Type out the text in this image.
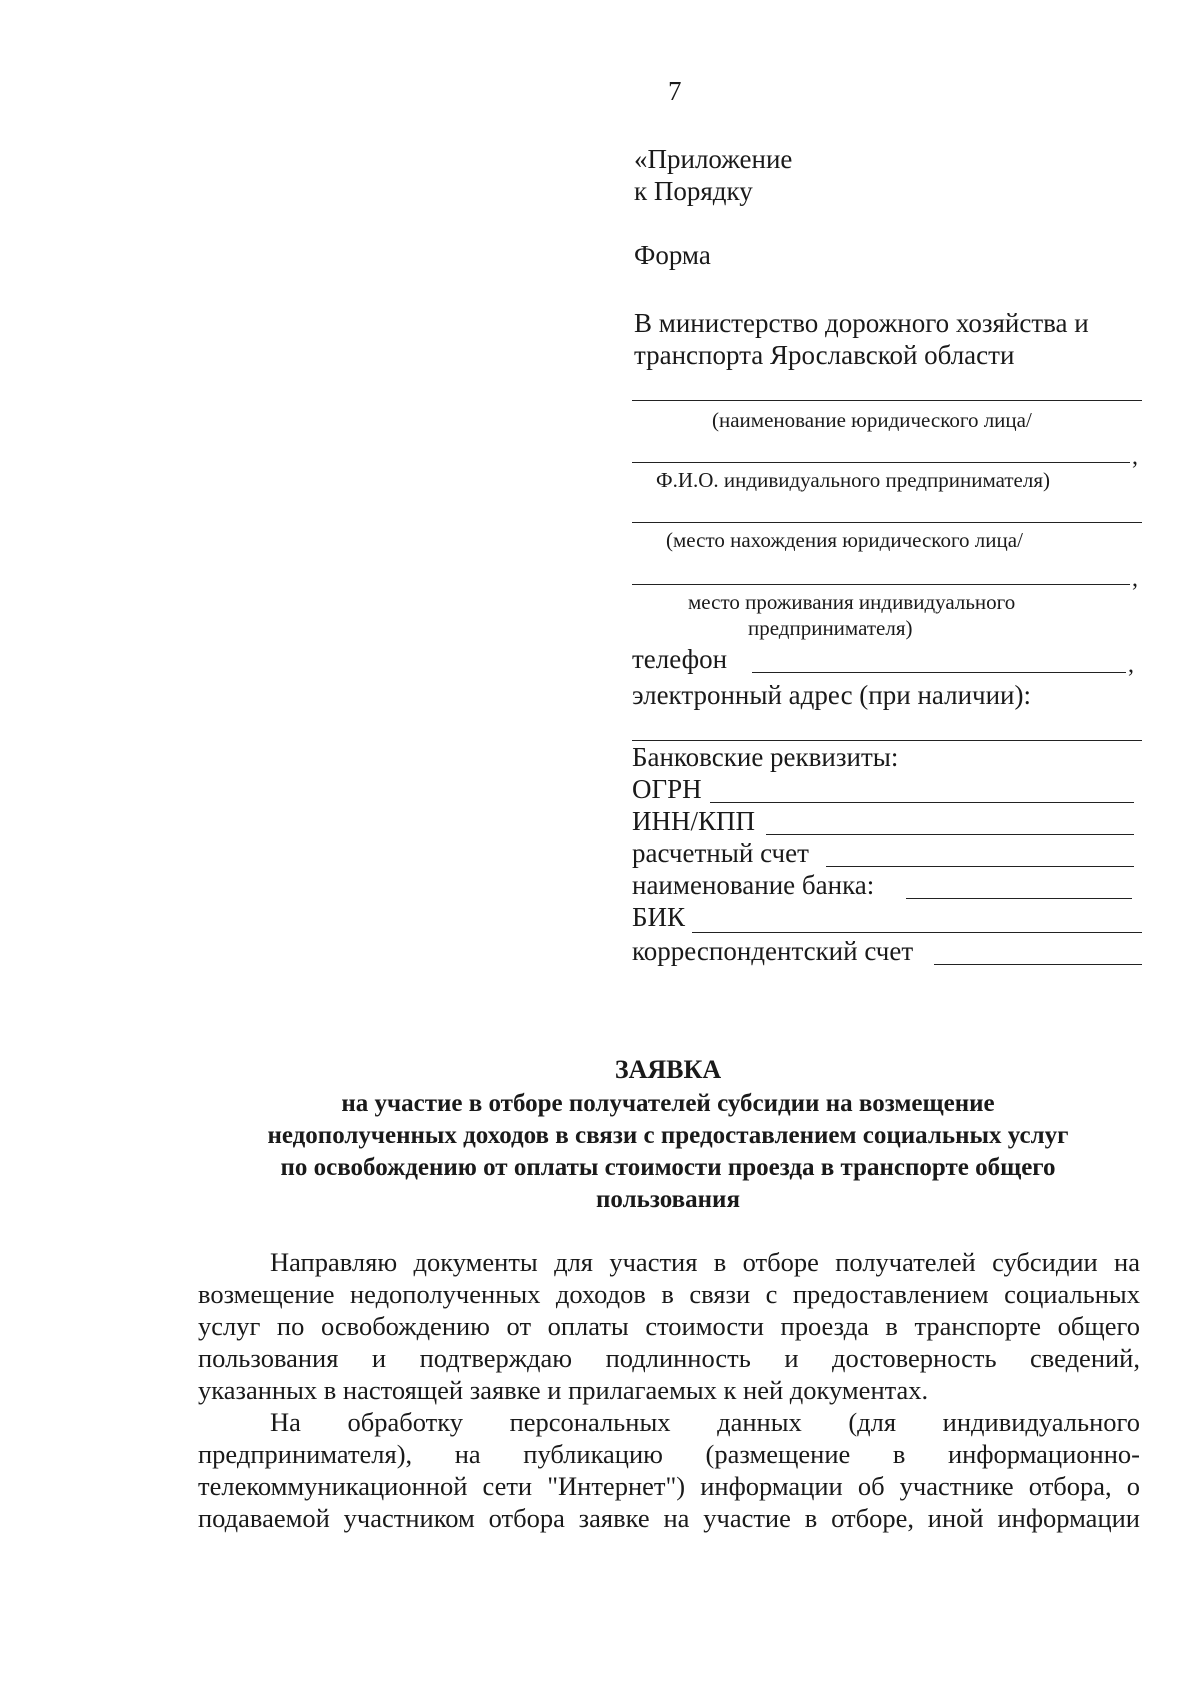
7
«Приложение
к Порядку
Форма
В министерство дорожного хозяйства и
транспорта Ярославской области
(наименование юридического лица/
,
Ф.И.О. индивидуального предпринимателя)
(место нахождения юридического лица/
,
место проживания индивидуального
предпринимателя)
телефон	,
электронный адрес (при наличии):
Банковские реквизиты:
ОГРН
ИНН/КПП
расчетный счет
наименование банка:
БИК
корреспондентский счет
ЗАЯВКА
на участие в отборе получателей субсидии на возмещение
недополученных доходов в связи с предоставлением социальных услуг
по освобождению от оплаты стоимости проезда в транспорте общего
пользования
Направляю документы для участия в отборе получателей субсидии на
возмещение недополученных доходов в связи с предоставлением социальных
услуг по освобождению от оплаты стоимости проезда в транспорте общего
пользования и подтверждаю подлинность и достоверность сведений,
указанных в настоящей заявке и прилагаемых к ней документах.
На обработку персональных данных (для индивидуального
предпринимателя), на публикацию (размещение в информационно-
телекоммуникационной сети "Интернет") информации об участнике отбора, о
подаваемой участником отбора заявке на участие в отборе, иной информации
